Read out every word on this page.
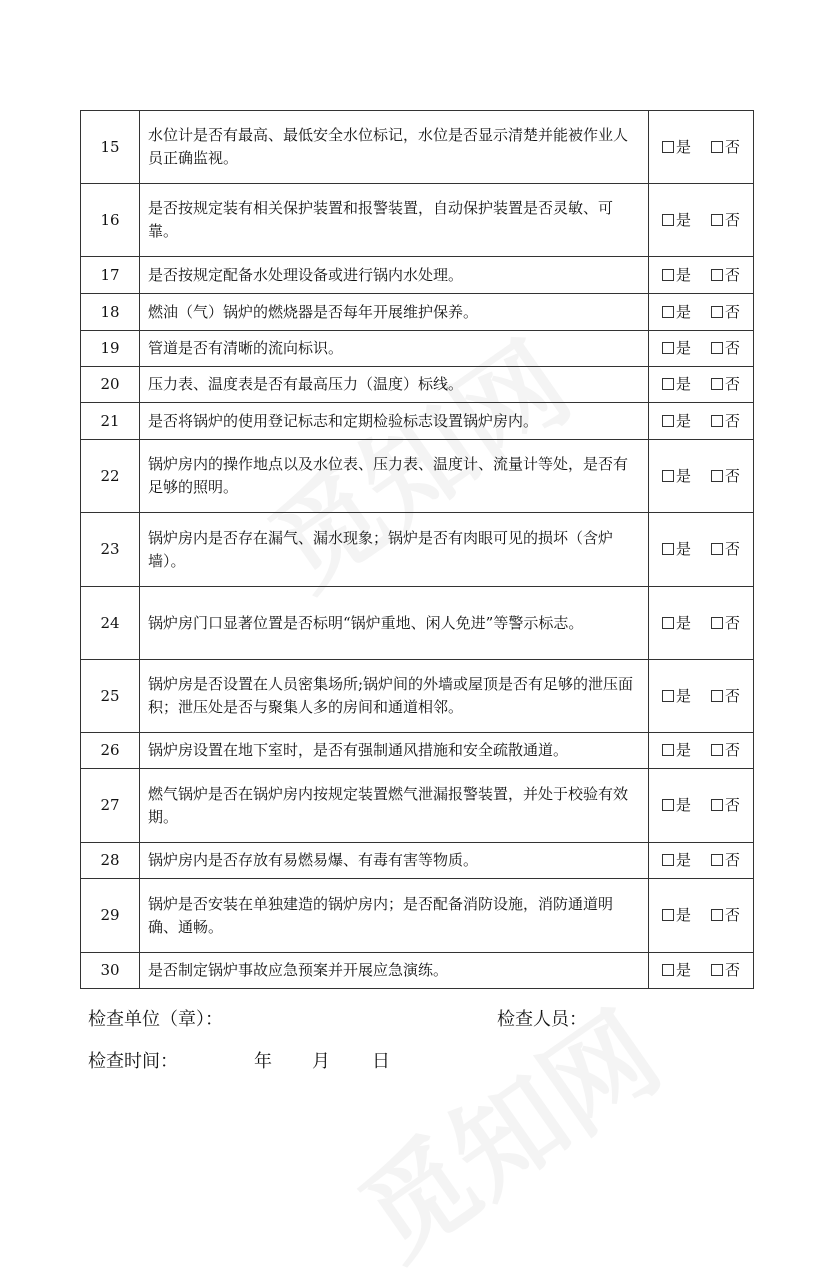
15	水位计是否有最高、最低安全水位标记，水位是否显示清楚并能被作业人员正确监视。	是 否
16	是否按规定装有相关保护装置和报警装置，自动保护装置是否灵敏、可靠。	是 否
17	是否按规定配备水处理设备或进行锅内水处理。	是 否
18	燃油（气）锅炉的燃烧器是否每年开展维护保养。	是 否
19	管道是否有清晰的流向标识。	是 否
20	压力表、温度表是否有最高压力（温度）标线。	是 否
21	是否将锅炉的使用登记标志和定期检验标志设置锅炉房内。	是 否
22	锅炉房内的操作地点以及水位表、压力表、温度计、流量计等处，是否有足够的照明。	是 否
23	锅炉房内是否存在漏气、漏水现象；锅炉是否有肉眼可见的损坏（含炉墙）。	是 否
24	锅炉房门口显著位置是否标明“锅炉重地、闲人免进”等警示标志。	是 否
25	锅炉房是否设置在人员密集场所;锅炉间的外墙或屋顶是否有足够的泄压面积；泄压处是否与聚集人多的房间和通道相邻。	是 否
26	锅炉房设置在地下室时，是否有强制通风措施和安全疏散通道。	是 否
27	燃气锅炉是否在锅炉房内按规定装置燃气泄漏报警装置，并处于校验有效期。	是 否
28	锅炉房内是否存放有易燃易爆、有毒有害等物质。	是 否
29	锅炉是否安装在单独建造的锅炉房内；是否配备消防设施，消防通道明确、通畅。	是 否
30	是否制定锅炉事故应急预案并开展应急演练。	是 否
检查单位（章）：	检查人员：
检查时间：	年 月 日
